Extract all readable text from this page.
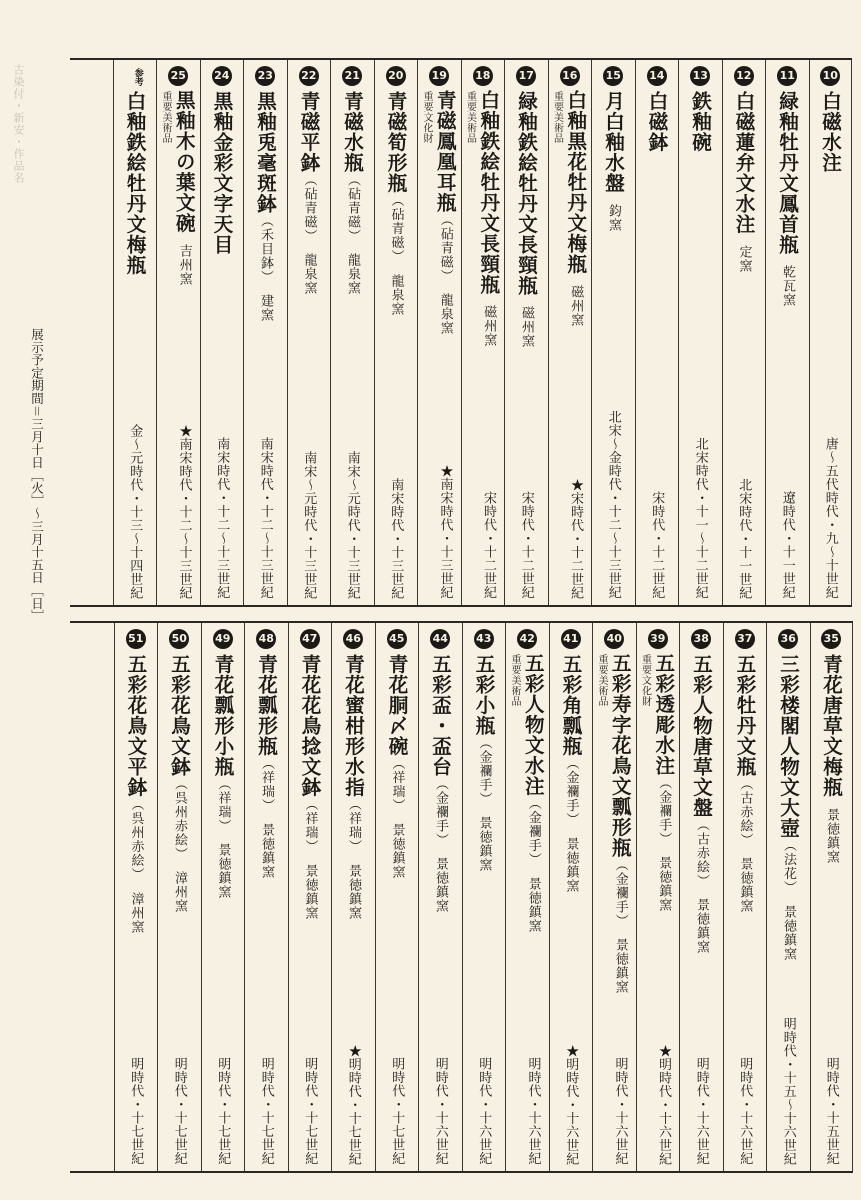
古染付・新安・作品名
展示予定期間＝三月十日［火］〜三月十五日［日］
10
白磁水注
唐〜五代時代・九〜十世紀
11
緑釉牡丹文鳳首瓶乾瓦窯
遼時代・十一世紀
12
白磁蓮弁文水注定窯
北宋時代・十一世紀
13
鉄釉碗
北宋時代・十一〜十二世紀
14
白磁鉢
宋時代・十二世紀
15
月白釉水盤鈞窯
北宋〜金時代・十二〜十三世紀
16
重要美術品 白釉黒花牡丹文梅瓶磁州窯
★宋時代・十二世紀
17
緑釉鉄絵牡丹文長頸瓶磁州窯
宋時代・十二世紀
18
重要美術品 白釉鉄絵牡丹文長頸瓶磁州窯
宋時代・十二世紀
19
重要文化財 青磁鳳凰耳瓶（砧青磁）龍泉窯
★南宋時代・十三世紀
20
青磁筍形瓶（砧青磁）龍泉窯
南宋時代・十三世紀
21
青磁水瓶（砧青磁）龍泉窯
南宋〜元時代・十三世紀
22
青磁平鉢（砧青磁）龍泉窯
南宋〜元時代・十三世紀
23
黒釉兎毫斑鉢（禾目鉢）建窯
南宋時代・十二〜十三世紀
24
黒釉金彩文字天目
南宋時代・十二〜十三世紀
25
重要美術品 黒釉木の葉文碗吉州窯
★南宋時代・十二〜十三世紀
参考
白釉鉄絵牡丹文梅瓶
金〜元時代・十三〜十四世紀
35
青花唐草文梅瓶景徳鎮窯
明時代・十五世紀
36
三彩楼閣人物文大壺（法花）景徳鎮窯
明時代・十五〜十六世紀
37
五彩牡丹文瓶（古赤絵）景徳鎮窯
明時代・十六世紀
38
五彩人物唐草文盤（古赤絵）景徳鎮窯
明時代・十六世紀
39
重要文化財 五彩透彫水注（金襴手）景徳鎮窯
★明時代・十六世紀
40
重要美術品 五彩寿字花鳥文瓢形瓶（金襴手）景徳鎮窯
明時代・十六世紀
41
五彩角瓢瓶（金襴手）景徳鎮窯
★明時代・十六世紀
42
重要美術品 五彩人物文水注（金襴手）景徳鎮窯
明時代・十六世紀
43
五彩小瓶（金襴手）景徳鎮窯
明時代・十六世紀
44
五彩盃・盃台（金襴手）景徳鎮窯
明時代・十六世紀
45
青花胴〆碗（祥瑞）景徳鎮窯
明時代・十七世紀
46
青花蜜柑形水指（祥瑞）景徳鎮窯
★明時代・十七世紀
47
青花花鳥捻文鉢（祥瑞）景徳鎮窯
明時代・十七世紀
48
青花瓢形瓶（祥瑞）景徳鎮窯
明時代・十七世紀
49
青花瓢形小瓶（祥瑞）景徳鎮窯
明時代・十七世紀
50
五彩花鳥文鉢（呉州赤絵）漳州窯
明時代・十七世紀
51
五彩花鳥文平鉢（呉州赤絵）漳州窯
明時代・十七世紀
